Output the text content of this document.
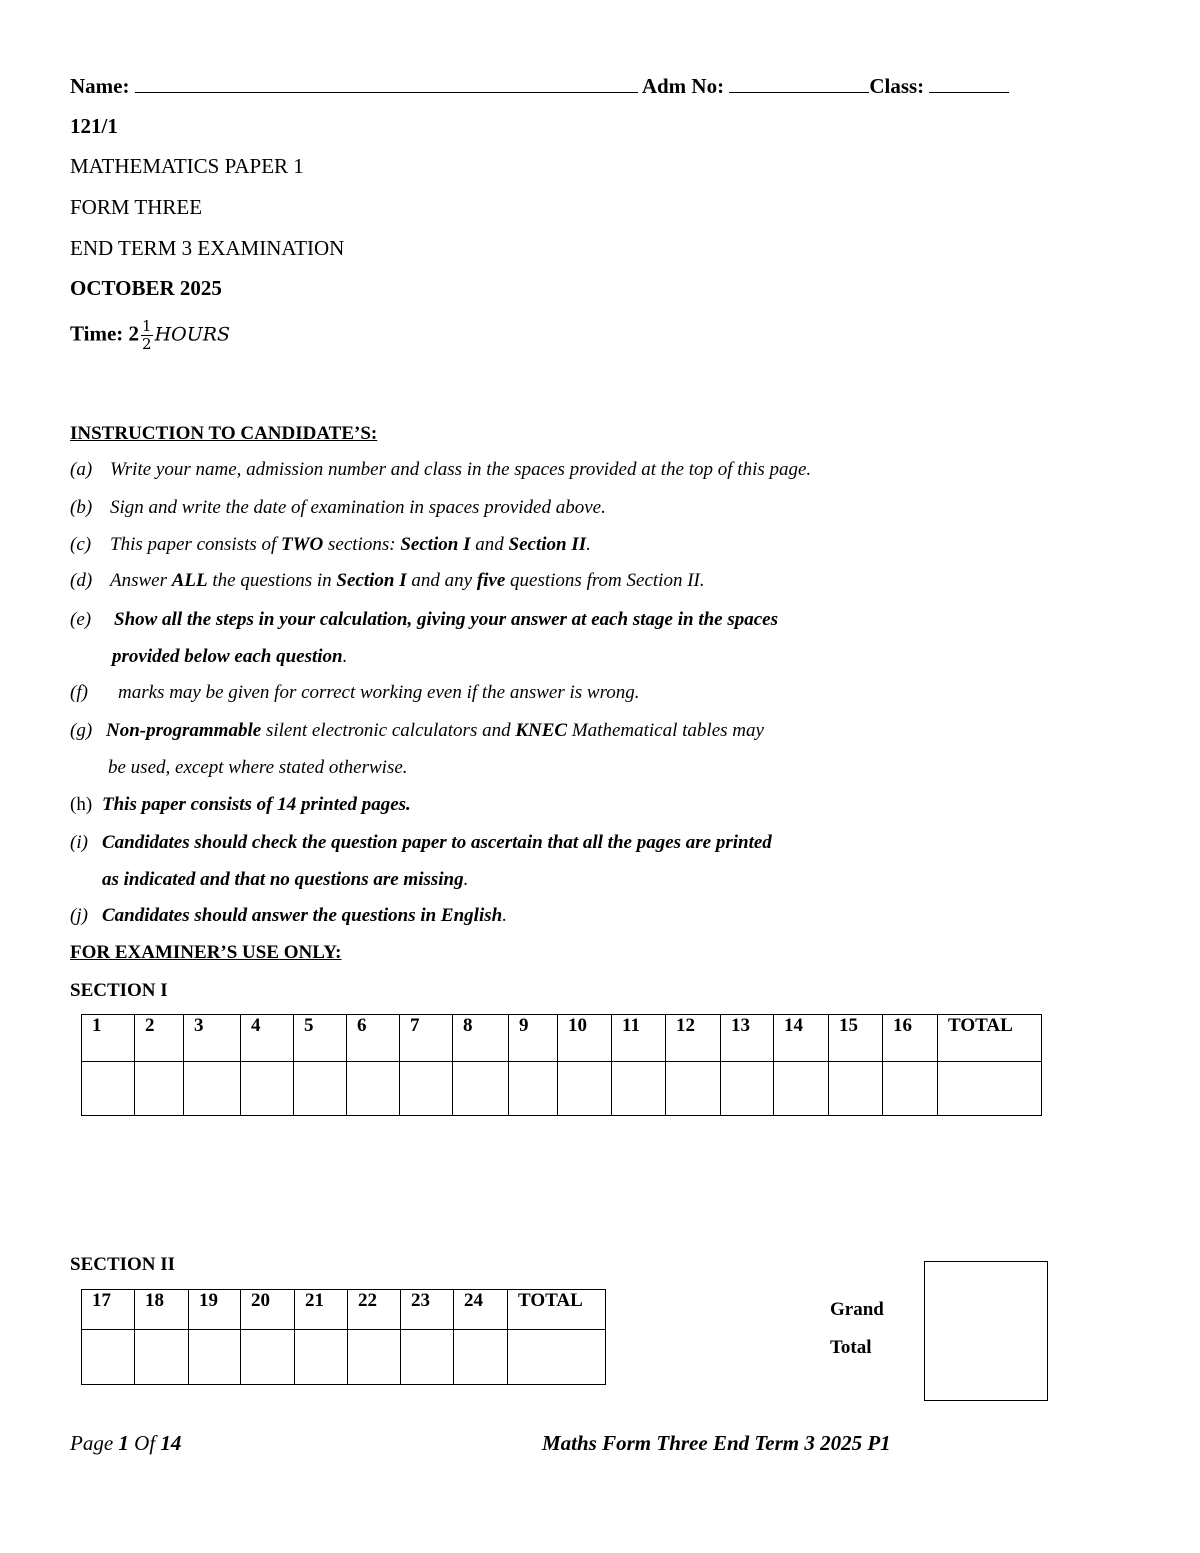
Name:	Adm No:	Class:
121/1
MATHEMATICS PAPER 1
FORM THREE
END TERM 3 EXAMINATION
OCTOBER 2025
Time: $2 \frac{1}{2}$ HOURS
INSTRUCTION TO CANDIDATE’S:
(a) Write your name, admission number and class in the spaces provided at the top of this page.
(b) Sign and write the date of examination in spaces provided above.
(c) This paper consists of TWO sections: Section I and Section II.
(d) Answer ALL the questions in Section I and any five questions from Section II.
(e) Show all the steps in your calculation, giving your answer at each stage in the spaces
provided below each question.
(f) marks may be given for correct working even if the answer is wrong.
(g) Non-programmable silent electronic calculators and KNEC Mathematical tables may
be used, except where stated otherwise.
(h) This paper consists of 14 printed pages.
(i) Candidates should check the question paper to ascertain that all the pages are printed
as indicated and that no questions are missing.
(j) Candidates should answer the questions in English.
FOR EXAMINER’S USE ONLY:
SECTION I
1	2	3	4	5	6	7	8	9	10	11	12	13	14	15	16	TOTAL

SECTION II
17	18	19	20	21	22	23	24	TOTAL
									Grand
Total
Page 1 Of 14	Maths Form Three End Term 3 2025 P1
